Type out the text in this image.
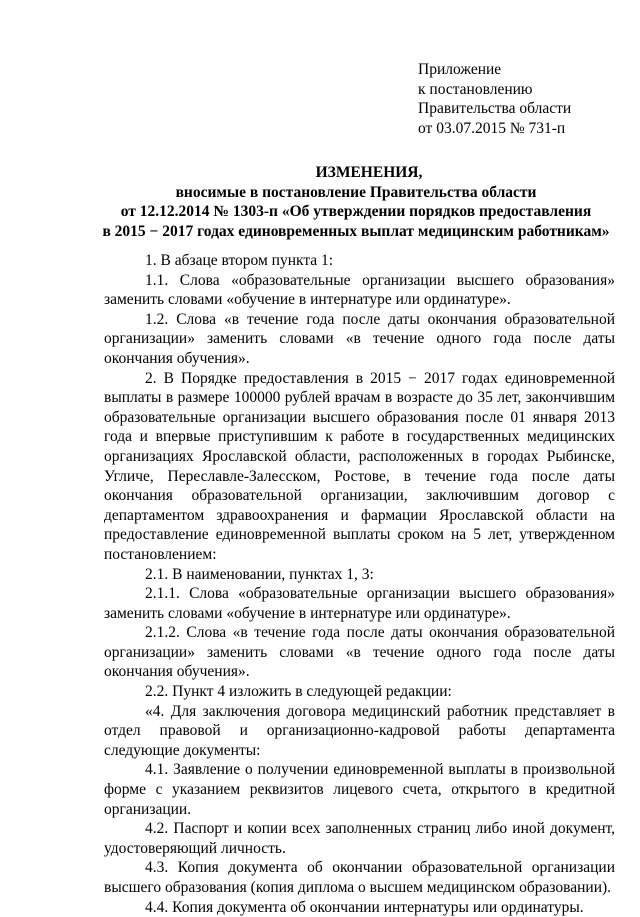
Приложение
к постановлению
Правительства области
от 03.07.2015 № 731-п
ИЗМЕНЕНИЯ,
вносимые в постановление Правительства области
от 12.12.2014 № 1303-п «Об утверждении порядков предоставления
в 2015 − 2017 годах единовременных выплат медицинским работникам»

1. В абзаце втором пункта 1:

1.1. Слова «образовательные организации высшего образования» заменить словами «обучение в интернатуре или ординатуре».

1.2. Слова «в течение года после даты окончания образовательной организации» заменить словами «в течение одного года после даты окончания обучения».

2. В Порядке предоставления в 2015 − 2017 годах единовременной выплаты в размере 100000 рублей врачам в возрасте до 35 лет, закончившим образовательные организации высшего образования после 01 января 2013 года и впервые приступившим к работе в государственных медицинских организациях Ярославской области, расположенных в городах Рыбинске, Угличе, Переславле-Залесском, Ростове, в течение года после даты окончания образовательной организации, заключившим договор с департаментом здравоохранения и фармации Ярославской области на предоставление единовременной выплаты сроком на 5 лет, утвержденном постановлением:

2.1. В наименовании, пунктах 1, 3:

2.1.1. Слова «образовательные организации высшего образования» заменить словами «обучение в интернатуре или ординатуре».

2.1.2. Слова «в течение года после даты окончания образовательной организации» заменить словами «в течение одного года после даты окончания обучения».

2.2. Пункт 4 изложить в следующей редакции:

«4. Для заключения договора медицинский работник представляет в отдел правовой и организационно-кадровой работы департамента следующие документы:

4.1. Заявление о получении единовременной выплаты в произвольной форме с указанием реквизитов лицевого счета, открытого в кредитной организации.

4.2. Паспорт и копии всех заполненных страниц либо иной документ, удостоверяющий личность.

4.3. Копия документа об окончании образовательной организации высшего образования (копия диплома о высшем медицинском образовании).

4.4. Копия документа об окончании интернатуры или ординатуры.
